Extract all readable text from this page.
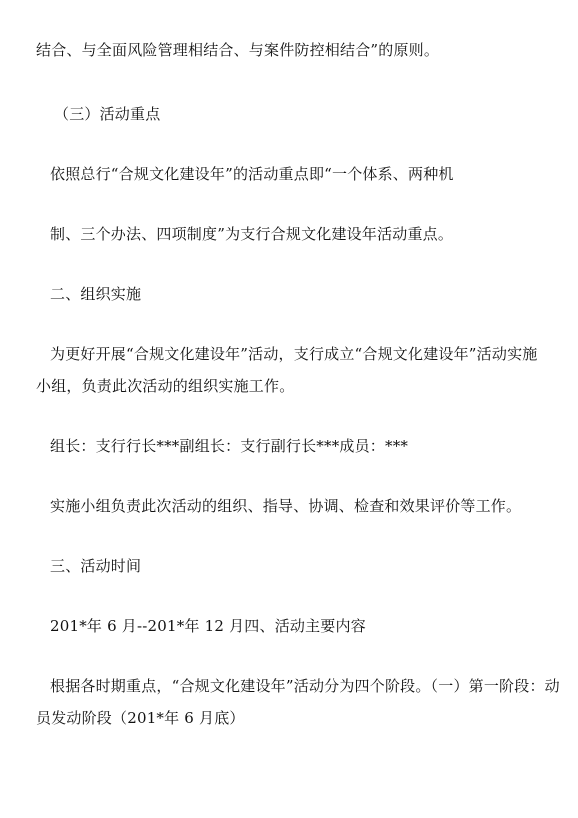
结合、与全面风险管理相结合、与案件防控相结合”的原则。
（三）活动重点
依照总行“合规文化建设年”的活动重点即“一个体系、两种机
制、三个办法、四项制度”为支行合规文化建设年活动重点。
二、组织实施
为更好开展“合规文化建设年”活动，支行成立“合规文化建设年”活动实施
小组，负责此次活动的组织实施工作。
组长：支行行长***副组长：支行副行长***成员：***
实施小组负责此次活动的组织、指导、协调、检查和效果评价等工作。
三、活动时间
201*年 6 月--201*年 12 月四、活动主要内容
根据各时期重点，“合规文化建设年”活动分为四个阶段。（一）第一阶段：动
员发动阶段（201*年 6 月底）
